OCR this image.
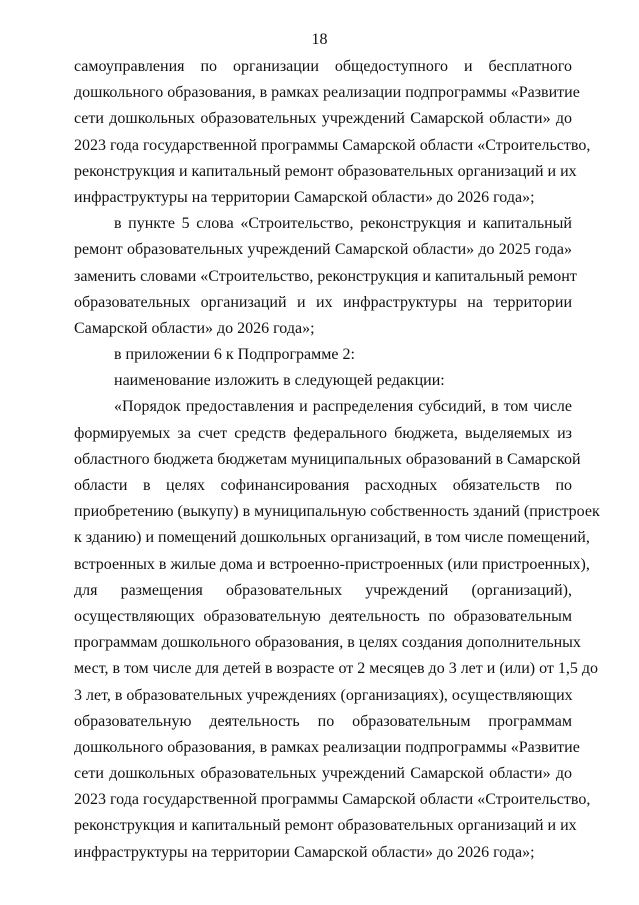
18
самоуправления по организации общедоступного и бесплатного
дошкольного образования, в рамках реализации подпрограммы «Развитие
сети дошкольных образовательных учреждений Самарской области» до
2023 года государственной программы Самарской области «Строительство,
реконструкция и капитальный ремонт образовательных организаций и их
инфраструктуры на территории Самарской области» до 2026 года»;
в пункте 5 слова «Строительство, реконструкция и капитальный
ремонт образовательных учреждений Самарской области» до 2025 года»
заменить словами «Строительство, реконструкция и капитальный ремонт
образовательных организаций и их инфраструктуры на территории
Самарской области» до 2026 года»;
в приложении 6 к Подпрограмме 2:
наименование изложить в следующей редакции:
«Порядок предоставления и распределения субсидий, в том числе
формируемых за счет средств федерального бюджета, выделяемых из
областного бюджета бюджетам муниципальных образований в Самарской
области в целях софинансирования расходных обязательств по
приобретению (выкупу) в муниципальную собственность зданий (пристроек
к зданию) и помещений дошкольных организаций, в том числе помещений,
встроенных в жилые дома и встроенно-пристроенных (или пристроенных),
для размещения образовательных учреждений (организаций),
осуществляющих образовательную деятельность по образовательным
программам дошкольного образования, в целях создания дополнительных
мест, в том числе для детей в возрасте от 2 месяцев до 3 лет и (или) от 1,5 до
3 лет, в образовательных учреждениях (организациях), осуществляющих
образовательную деятельность по образовательным программам
дошкольного образования, в рамках реализации подпрограммы «Развитие
сети дошкольных образовательных учреждений Самарской области» до
2023 года государственной программы Самарской области «Строительство,
реконструкция и капитальный ремонт образовательных организаций и их
инфраструктуры на территории Самарской области» до 2026 года»;
